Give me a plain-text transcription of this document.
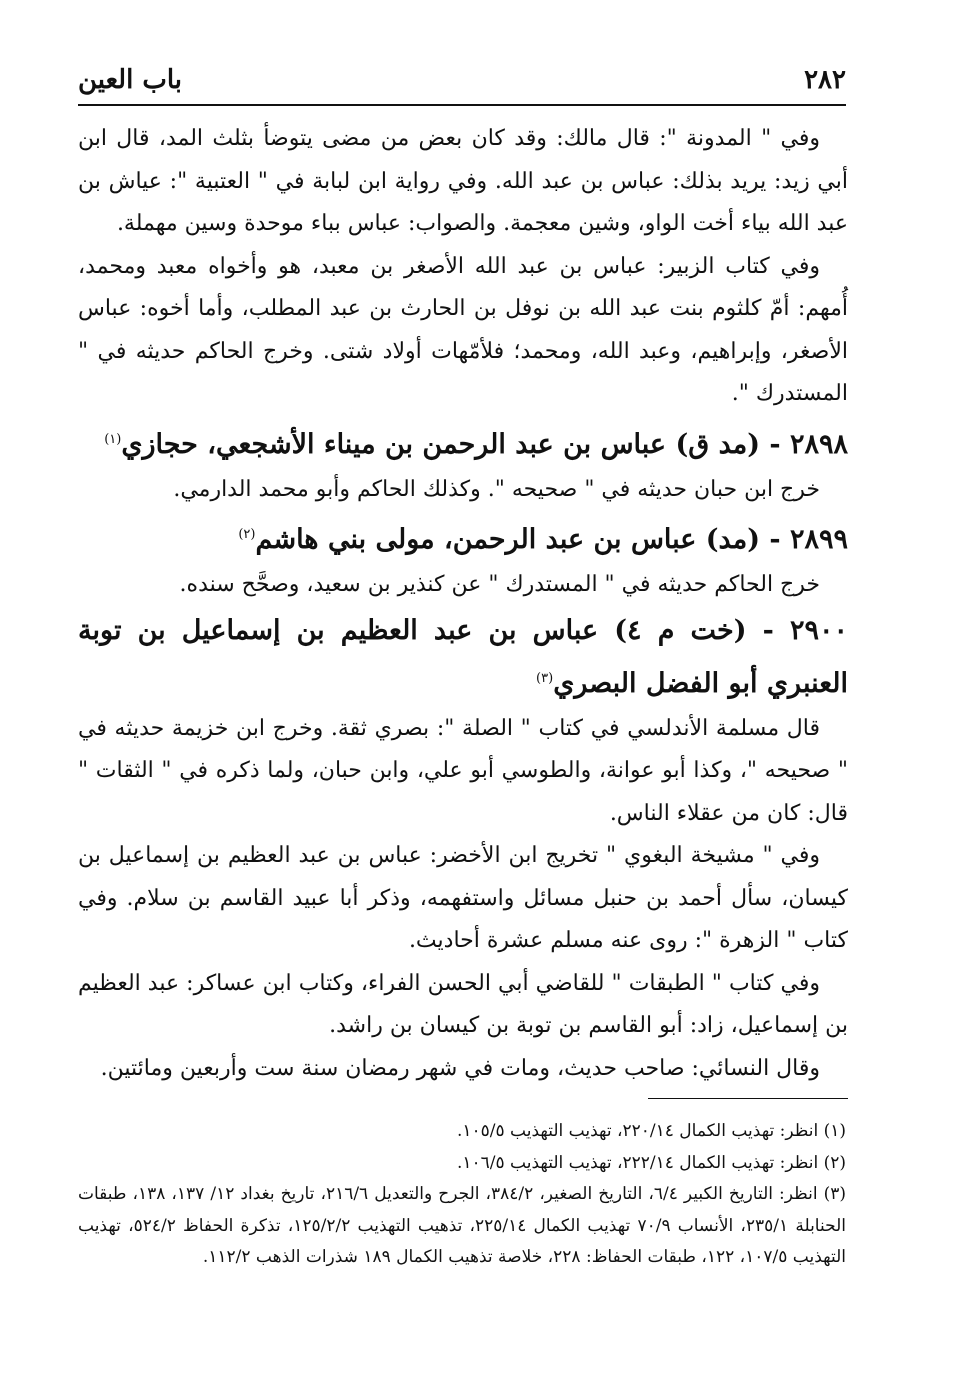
٢٨٢
باب العين

وفي " المدونة ": قال مالك: وقد كان بعض من مضى يتوضأ بثلث المد، قال ابن أبي زيد: يريد بذلك: عباس بن عبد الله. وفي رواية ابن لبابة في " العتبية ": عياش بن عبد الله بياء أخت الواو، وشين معجمة. والصواب: عباس بباء موحدة وسين مهملة.

وفي كتاب الزبير: عباس بن عبد الله الأصغر بن معبد، هو وأخواه معبد ومحمد، أُمهم: أمّ كلثوم بنت عبد الله بن نوفل بن الحارث بن عبد المطلب، وأما أخوه: عباس الأصغر، وإبراهيم، وعبد الله، ومحمد؛ فلأمّهات أولاد شتى. وخرج الحاكم حديثه في " المستدرك ".

٢٨٩٨ - (مد ق) عباس بن عبد الرحمن بن ميناء الأشجعي، حجازي$^{(١)}$

خرج ابن حبان حديثه في " صحيحه ". وكذلك الحاكم وأبو محمد الدارمي.

٢٨٩٩ - (مد) عباس بن عبد الرحمن، مولى بني هاشم$^{(٢)}$

خرج الحاكم حديثه في " المستدرك " عن كنذير بن سعيد، وصحَّح سنده.

٢٩٠٠ - (خت م ٤) عباس بن عبد العظيم بن إسماعيل بن توبة العنبري أبو الفضل البصري$^{(٣)}$

قال مسلمة الأندلسي في كتاب " الصلة ": بصري ثقة. وخرج ابن خزيمة حديثه في " صحيحه "، وكذا أبو عوانة، والطوسي أبو علي، وابن حبان، ولما ذكره في " الثقات " قال: كان من عقلاء الناس.

وفي " مشيخة البغوي " تخريج ابن الأخضر: عباس بن عبد العظيم بن إسماعيل بن كيسان، سأل أحمد بن حنبل مسائل واستفهمه، وذكر أبا عبيد القاسم بن سلام. وفي كتاب " الزهرة ": روى عنه مسلم عشرة أحاديث.

وفي كتاب " الطبقات " للقاضي أبي الحسن الفراء، وكتاب ابن عساكر: عبد العظيم بن إسماعيل، زاد: أبو القاسم بن توبة بن كيسان بن راشد.

وقال النسائي: صاحب حديث، ومات في شهر رمضان سنة ست وأربعين ومائتين.

(١) انظر: تهذيب الكمال ٢٢٠/١٤، تهذيب التهذيب ١٠٥/٥.
(٢) انظر: تهذيب الكمال ٢٢٢/١٤، تهذيب التهذيب ١٠٦/٥.
(٣) انظر: التاريخ الكبير ٦/٤، التاريخ الصغير، ٣٨٤/٢، الجرح والتعديل ٢١٦/٦، تاريخ بغداد ١٢/ ١٣٧، ١٣٨، طبقات الحنابلة ٢٣٥/١، الأنساب ٧٠/٩ تهذيب الكمال ٢٢٥/١٤، تذهيب التهذيب ١٢٥/٢/٢، تذكرة الحفاظ ٥٢٤/٢، تهذيب التهذيب ١٠٧/٥، ١٢٢، طبقات الحفاظ: ٢٢٨، خلاصة تذهيب الكمال ١٨٩ شذرات الذهب ١١٢/٢.
